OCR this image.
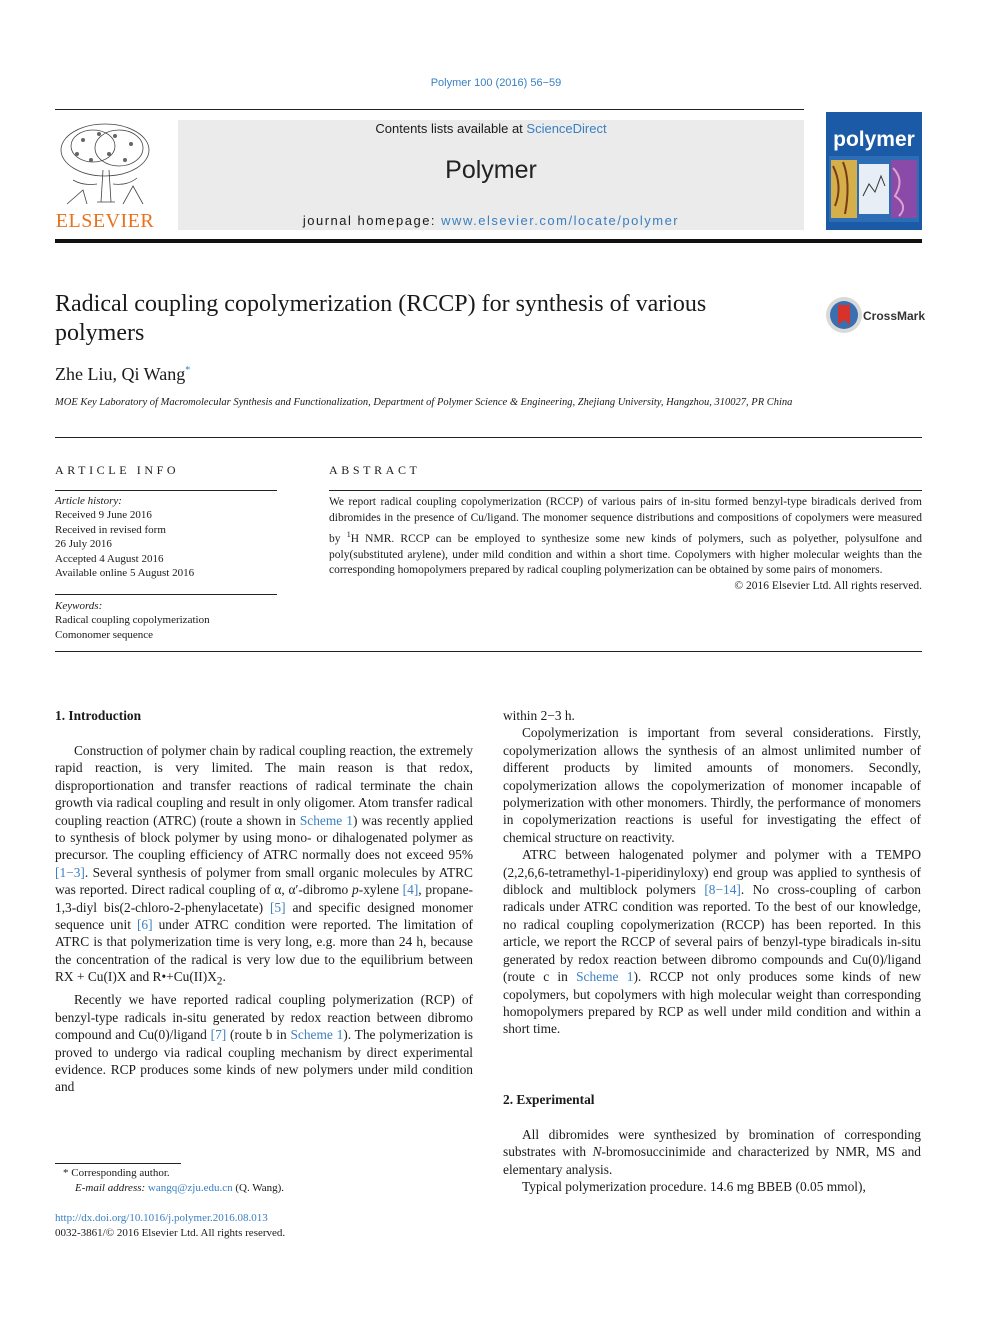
Polymer 100 (2016) 56−59
ELSEVIER
Contents lists available at ScienceDirect
Polymer
journal homepage: www.elsevier.com/locate/polymer
polymer
Radical coupling copolymerization (RCCP) for synthesis of various polymers
CrossMark
Zhe Liu, Qi Wang*
MOE Key Laboratory of Macromolecular Synthesis and Functionalization, Department of Polymer Science & Engineering, Zhejiang University, Hangzhou, 310027, PR China
ARTICLE INFO	ABSTRACT
Article history:
Received 9 June 2016
Received in revised form
26 July 2016
Accepted 4 August 2016
Available online 5 August 2016
Keywords:
Radical coupling copolymerization
Comonomer sequence
We report radical coupling copolymerization (RCCP) of various pairs of in-situ formed benzyl-type biradicals derived from dibromides in the presence of Cu/ligand. The monomer sequence distributions and compositions of copolymers were measured by $^1$H NMR. RCCP can be employed to synthesize some new kinds of polymers, such as polyether, polysulfone and poly(substituted arylene), under mild condition and within a short time. Copolymers with higher molecular weights than the corresponding homopolymers prepared by radical coupling polymerization can be obtained by some pairs of monomers.
© 2016 Elsevier Ltd. All rights reserved.
1. Introduction

Construction of polymer chain by radical coupling reaction, the extremely rapid reaction, is very limited. The main reason is that redox, disproportionation and transfer reactions of radical terminate the chain growth via radical coupling and result in only oligomer. Atom transfer radical coupling reaction (ATRC) (route a shown in Scheme 1) was recently applied to synthesis of block polymer by using mono- or dihalogenated polymer as precursor. The coupling efficiency of ATRC normally does not exceed 95% [1−3]. Several synthesis of polymer from small organic molecules by ATRC was reported. Direct radical coupling of α, α′-dibromo p-xylene [4], propane-1,3-diyl bis(2-chloro-2-phenylacetate) [5] and specific designed monomer sequence unit [6] under ATRC condition were reported. The limitation of ATRC is that polymerization time is very long, e.g. more than 24 h, because the concentration of the radical is very low due to the equilibrium between RX + Cu(I)X and $R•+Cu(II)X_2$.

Recently we have reported radical coupling polymerization (RCP) of benzyl-type radicals in-situ generated by redox reaction between dibromo compound and Cu(0)/ligand [7] (route b in Scheme 1). The polymerization is proved to undergo via radical coupling mechanism by direct experimental evidence. RCP produces some kinds of new polymers under mild condition and

within 2−3 h.

Copolymerization is important from several considerations. Firstly, copolymerization allows the synthesis of an almost unlimited number of different products by limited amounts of monomers. Secondly, copolymerization allows the copolymerization of monomer incapable of polymerization with other monomers. Thirdly, the performance of monomers in copolymerization reactions is useful for investigating the effect of chemical structure on reactivity.

ATRC between halogenated polymer and polymer with a TEMPO (2,2,6,6-tetramethyl-1-piperidinyloxy) end group was applied to synthesis of diblock and multiblock polymers [8−14]. No cross-coupling of carbon radicals under ATRC condition was reported. To the best of our knowledge, no radical coupling copolymerization (RCCP) has been reported. In this article, we report the RCCP of several pairs of benzyl-type biradicals in-situ generated by redox reaction between dibromo compounds and Cu(0)/ligand (route c in Scheme 1). RCCP not only produces some kinds of new copolymers, but copolymers with high molecular weight than corresponding homopolymers prepared by RCP as well under mild condition and within a short time.

2. Experimental

All dibromides were synthesized by bromination of corresponding substrates with N-bromosuccinimide and characterized by NMR, MS and elementary analysis.

Typical polymerization procedure. 14.6 mg BBEB (0.05 mmol),

* Corresponding author.
E-mail address: wangq@zju.edu.cn (Q. Wang).
http://dx.doi.org/10.1016/j.polymer.2016.08.013
0032-3861/© 2016 Elsevier Ltd. All rights reserved.
